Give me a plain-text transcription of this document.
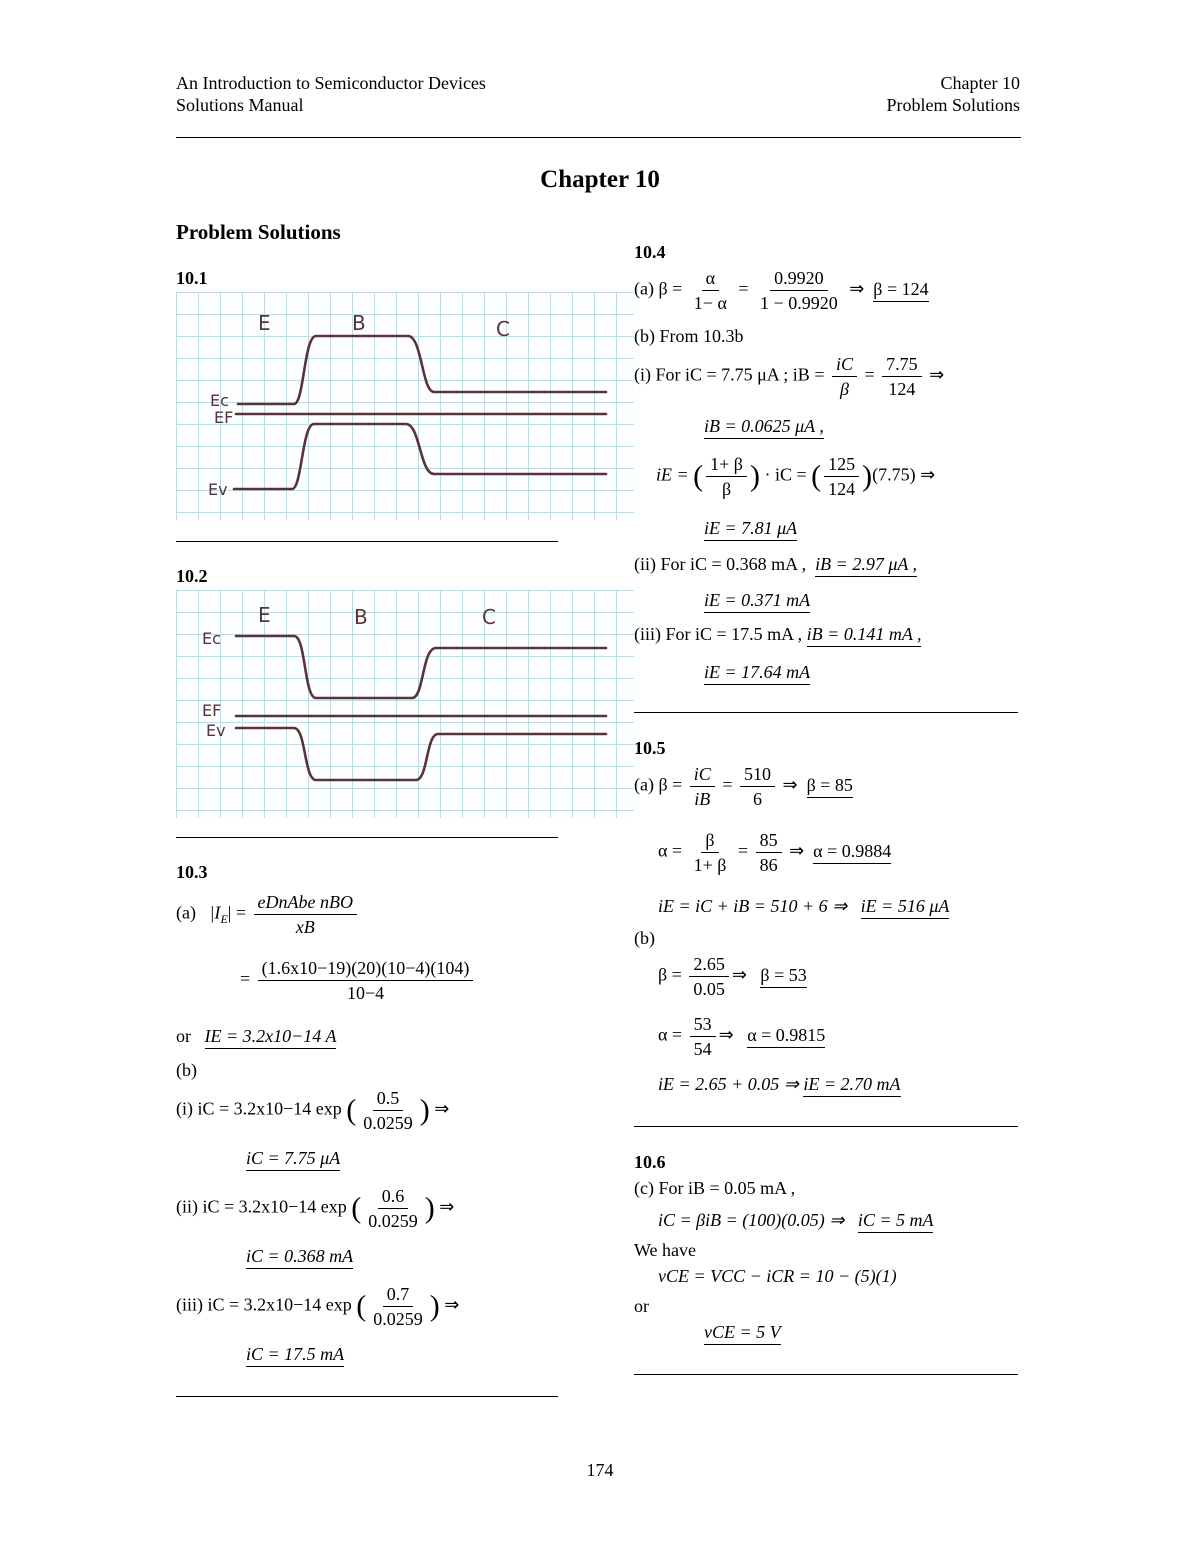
An Introduction to Semiconductor Devices
Solutions Manual
Chapter 10
Problem Solutions
Chapter 10
Problem Solutions
10.1
E	B	C
Ec
EF
Ev
10.2
E	B	C
Ec
EF
Ev
10.3
(a) $|I_E| = \frac{\text{eDnAbe nBO}}{xB}$
= $\frac{(1.6x10-19)(20)(10-4)(104)}{10-4}$
or IE = 3.2x10−14 A
(b)
(i) iC = 3.2x10−14 exp ( $\frac{0.5}{0.0259}$ ) ⇒
iC = 7.75 μA
(ii) iC = 3.2x10−14 exp ( $\frac{0.6}{0.0259}$ ) ⇒
iC = 0.368 mA
(iii) iC = 3.2x10−14 exp ( $\frac{0.7}{0.0259}$ ) ⇒
iC = 17.5 mA
10.4
(a) $\beta = \frac{\alpha}{1- \alpha} = \frac{0.9920}{1 - 0.9920}$ ⇒ β = 124
(b) From 10.3b
(i) For iC = 7.75 μA ; iB = $\frac{iC}{\beta} = \frac{7.75}{124}$ ⇒
iB = 0.0625 μA ,
iE = ( $\frac{1+ \beta}{\beta}$ ) · iC = ( $\frac{125}{124} )(7.75)$ ⇒
iE = 7.81 μA
(ii) For iC = 0.368 mA , iB = 2.97 μA ,
iE = 0.371 mA
(iii) For iC = 17.5 mA , iB = 0.141 mA ,
iE = 17.64 mA
10.5
(a) $\beta = \frac{iC}{iB} = \frac{510}{6}$ ⇒ β = 85
$\alpha = \frac{\beta}{1+ \beta} = \frac{85}{86}$ ⇒ α = 0.9884
iE = iC + iB = 510 + 6 ⇒ iE = 516 μA
(b)
$\beta = \frac{2.65}{0.05}$ ⇒ β = 53
$\alpha = \frac{53}{54}$ ⇒ α = 0.9815
iE = 2.65 + 0.05 ⇒ iE = 2.70 mA
10.6
(c) For iB = 0.05 mA ,
iC = βiB = (100)(0.05) ⇒ iC = 5 mA
We have
vCE = VCC − iCR = 10 − (5)(1)
or
vCE = 5 V
174
